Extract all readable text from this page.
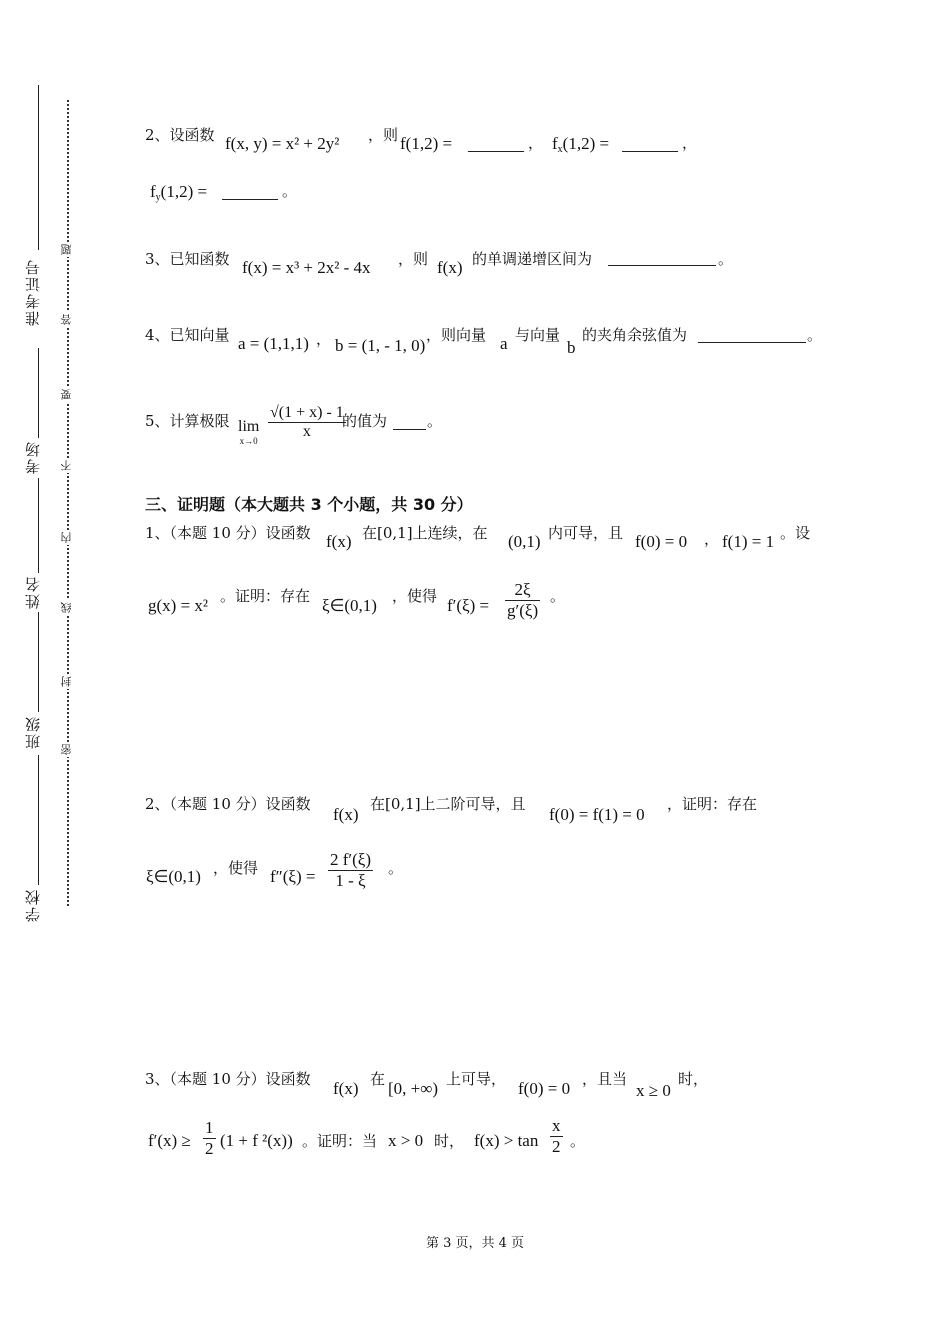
准考证号
考场
姓名
班级
学校
密
封
线
内
不
要
答
题
2、设函数 f(x, y) = x² + 2y² ，则 f(1,2) =	， $f_x(1,2)$ =	，
$f_y(1,2)$ =	。
3、已知函数 f(x) = x³ + 2x² - 4x ，则 f(x) 的单调递增区间为	。
4、已知向量 a = (1,1,1) ， b = (1, - 1, 0)
，则向量 a 与向量
b
的夹角余弦值为	。
5、计算极限 lim
$x\to 0 \frac{√(1 + x) - 1}{x}$
的值为	。
三、证明题（本大题共 3 个小题，共 30 分）
1、（本题 10 分）设函数 f(x) 在[0,1]上连续，在 (0,1) 内可导，且 f(0) = 0 ， f(1) = 1 。设
g(x) = x² 。证明：存在 ξ∈(0,1) ，使得 $f'(\xi) = \frac{2\xi}{g'(\xi)}$ 。
2、（本题 10 分）设函数
f(x)
在[0,1]上二阶可导，且
f(0) = f(1) = 0
，证明：存在
ξ∈(0,1) ，使得 $f''(\xi) = \frac{2 f'(\xi)}{1 - \xi}$ 。
3、（本题 10 分）设函数 f(x) 在 [0, +∞) 上可导， f(0) = 0 ，且当
x ≥ 0
时，
$f'(x) \ge \frac{1}{2} (1 + f$ ²(x)) 。证明：当 x > 0 时， $f(x) > \tan \frac{x}{2}$ 。
第 3 页，共 4 页
